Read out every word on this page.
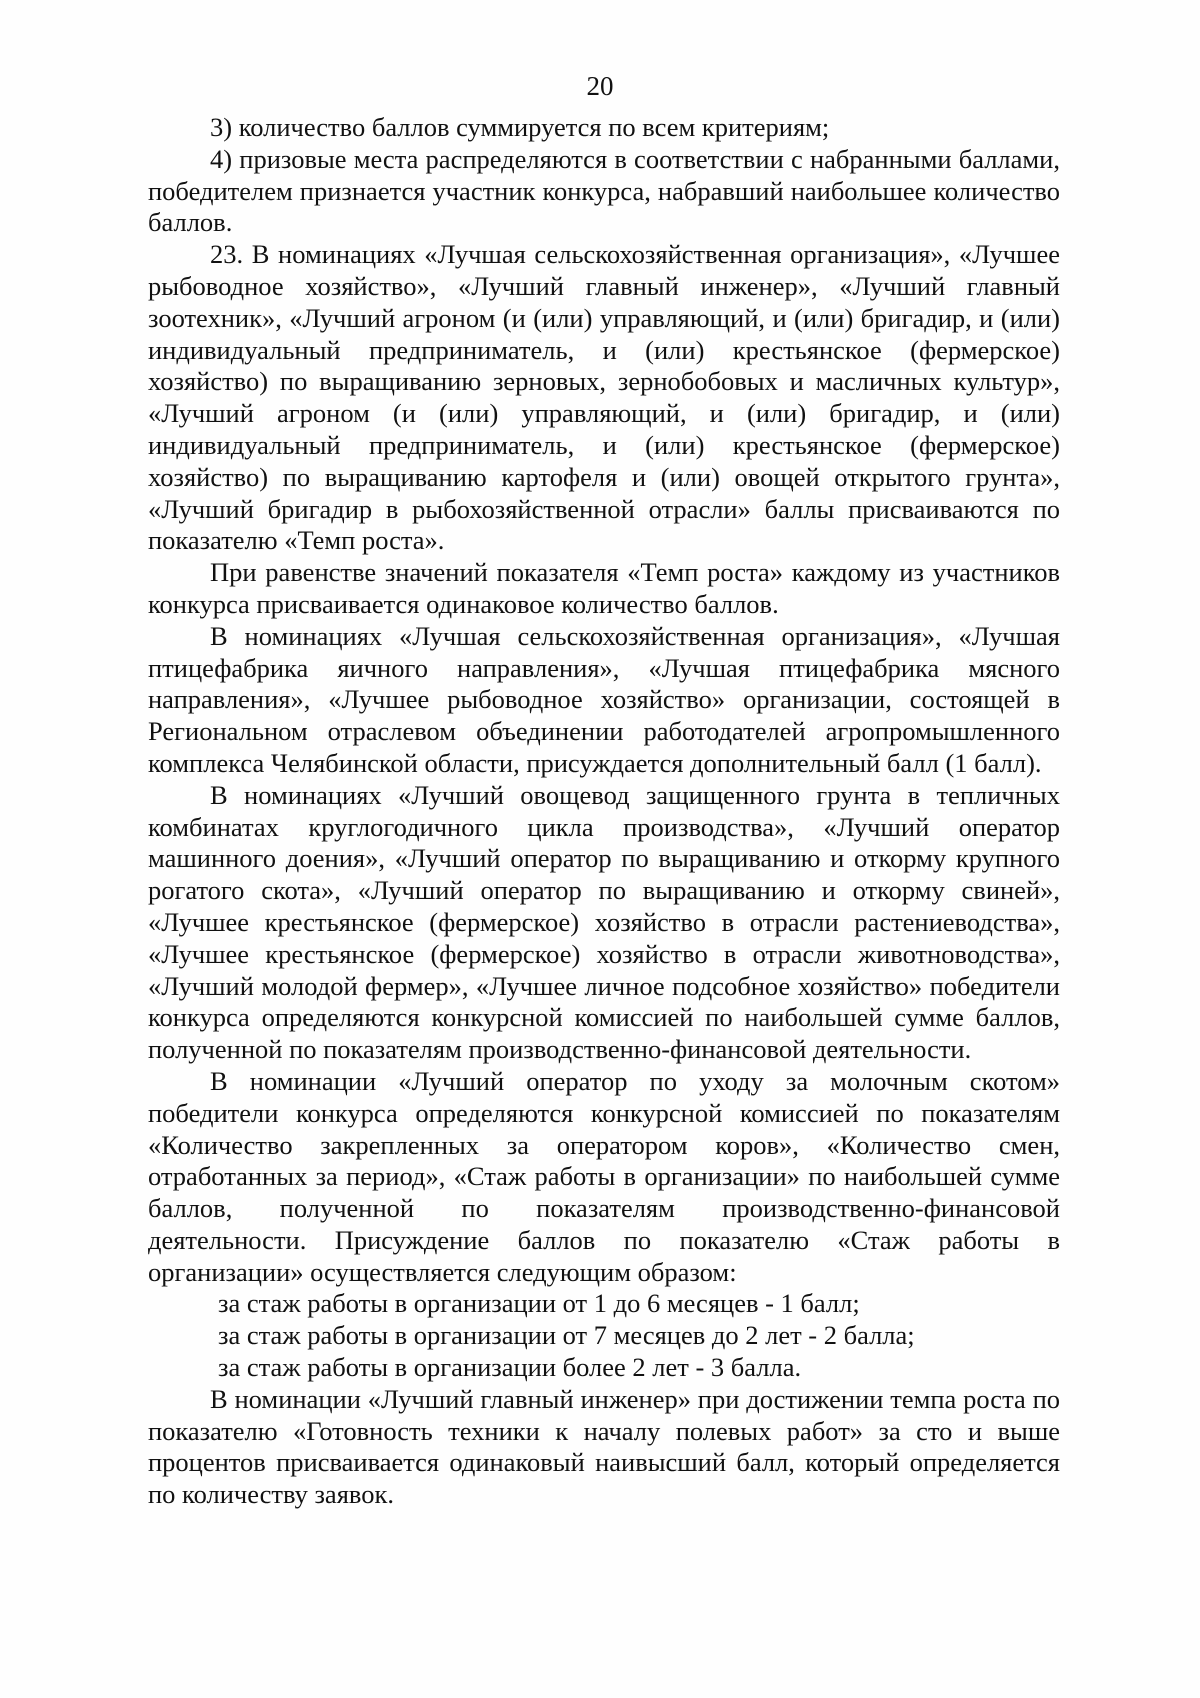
20

3) количество баллов суммируется по всем критериям;

4) призовые места распределяются в соответствии с набранными баллами, победителем признается участник конкурса, набравший наибольшее количество баллов.

23. В номинациях «Лучшая сельскохозяйственная организация», «Лучшее рыбоводное хозяйство», «Лучший главный инженер», «Лучший главный зоотехник», «Лучший агроном (и (или) управляющий, и (или) бригадир, и (или) индивидуальный предприниматель, и (или) крестьянское (фермерское) хозяйство) по выращиванию зерновых, зернобобовых и масличных культур», «Лучший агроном (и (или) управляющий, и (или) бригадир, и (или) индивидуальный предприниматель, и (или) крестьянское (фермерское) хозяйство) по выращиванию картофеля и (или) овощей открытого грунта», «Лучший бригадир в рыбохозяйственной отрасли» баллы присваиваются по показателю «Темп роста».

При равенстве значений показателя «Темп роста» каждому из участников конкурса присваивается одинаковое количество баллов.

В номинациях «Лучшая сельскохозяйственная организация», «Лучшая птицефабрика яичного направления», «Лучшая птицефабрика мясного направления», «Лучшее рыбоводное хозяйство» организации, состоящей в Региональном отраслевом объединении работодателей агропромышленного комплекса Челябинской области, присуждается дополнительный балл (1 балл).

В номинациях «Лучший овощевод защищенного грунта в тепличных комбинатах круглогодичного цикла производства», «Лучший оператор машинного доения», «Лучший оператор по выращиванию и откорму крупного рогатого скота», «Лучший оператор по выращиванию и откорму свиней», «Лучшее крестьянское (фермерское) хозяйство в отрасли растениеводства», «Лучшее крестьянское (фермерское) хозяйство в отрасли животноводства», «Лучший молодой фермер», «Лучшее личное подсобное хозяйство» победители конкурса определяются конкурсной комиссией по наибольшей сумме баллов, полученной по показателям производственно-финансовой деятельности.

В номинации «Лучший оператор по уходу за молочным скотом» победители конкурса определяются конкурсной комиссией по показателям «Количество закрепленных за оператором коров», «Количество смен, отработанных за период», «Стаж работы в организации» по наибольшей сумме баллов, полученной по показателям производственно-финансовой деятельности. Присуждение баллов по показателю «Стаж работы в организации» осуществляется следующим образом:

за стаж работы в организации от 1 до 6 месяцев - 1 балл;

за стаж работы в организации от 7 месяцев до 2 лет - 2 балла;

за стаж работы в организации более 2 лет - 3 балла.

В номинации «Лучший главный инженер» при достижении темпа роста по показателю «Готовность техники к началу полевых работ» за сто и выше процентов присваивается одинаковый наивысший балл, который определяется по количеству заявок.
